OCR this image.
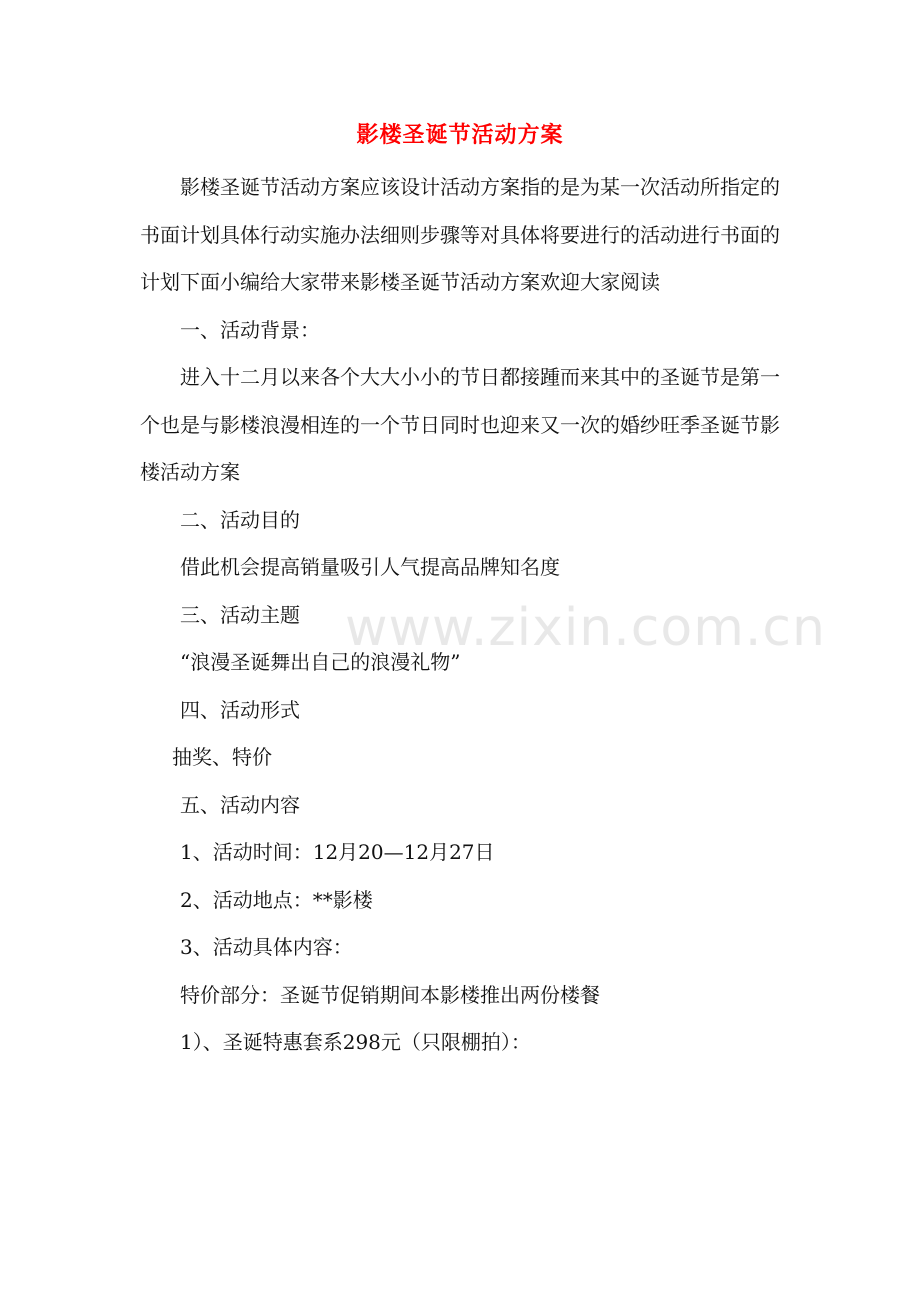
影楼圣诞节活动方案

影楼圣诞节活动方案应该设计活动方案指的是为某一次活动所指定的书面计划具体行动实施办法细则步骤等对具体将要进行的活动进行书面的计划下面小编给大家带来影楼圣诞节活动方案欢迎大家阅读

一、活动背景：

进入十二月以来各个大大小小的节日都接踵而来其中的圣诞节是第一个也是与影楼浪漫相连的一个节日同时也迎来又一次的婚纱旺季圣诞节影楼活动方案

二、活动目的

借此机会提高销量吸引人气提高品牌知名度

三、活动主题

“浪漫圣诞舞出自己的浪漫礼物”

四、活动形式

抽奖、特价

五、活动内容

1、活动时间：12月20—12月27日

2、活动地点：**影楼

3、活动具体内容：

特价部分：圣诞节促销期间本影楼推出两份楼餐

1）、圣诞特惠套系298元（只限棚拍）：

www.zixin.com.cn
